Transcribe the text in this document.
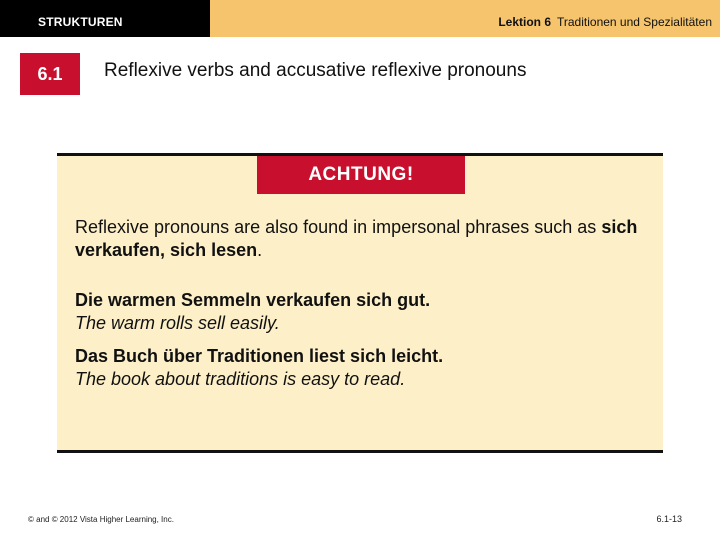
STRUKTUREN	Lektion 6 Traditionen und Spezialitäten
6.1	Reflexive verbs and accusative reflexive pronouns
ACHTUNG!
Reflexive pronouns are also found in impersonal phrases such as sich verkaufen, sich lesen.
Die warmen Semmeln verkaufen sich gut.
The warm rolls sell easily.
Das Buch über Traditionen liest sich leicht.
The book about traditions is easy to read.
© and © 2012 Vista Higher Learning, Inc.	6.1-13
